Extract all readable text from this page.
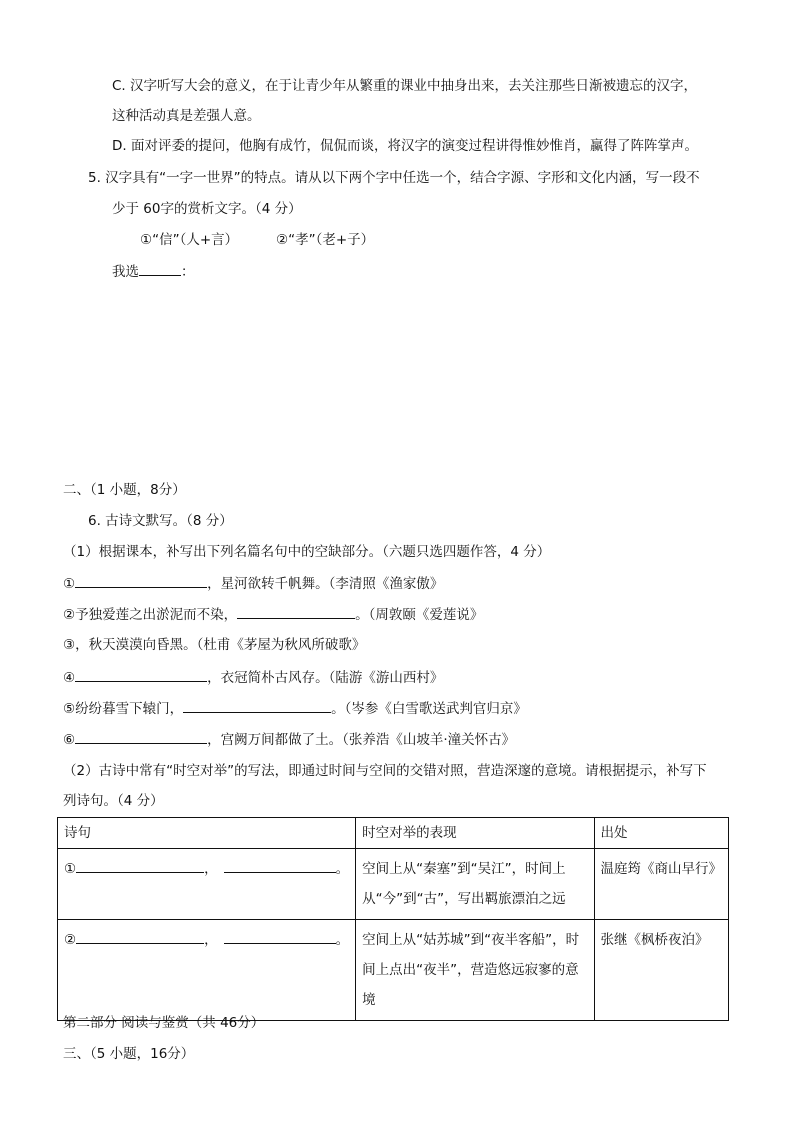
C. 汉字听写大会的意义，在于让青少年从繁重的课业中抽身出来，去关注那些日渐被遗忘的汉字，
这种活动真是差强人意。
D. 面对评委的提问，他胸有成竹，侃侃而谈，将汉字的演变过程讲得惟妙惟肖，赢得了阵阵掌声。
5. 汉字具有“一字一世界”的特点。请从以下两个字中任选一个，结合字源、字形和文化内涵，写一段不
少于 60字的赏析文字。（4 分）
①“信”（人+言）	②“孝”（老+子）
我选	：
二、（1 小题，8分）
6. 古诗文默写。（8 分）
（1）根据课本，补写出下列名篇名句中的空缺部分。（六题只选四题作答，4 分）
①	，星河欲转千帆舞。（李清照《渔家傲》
②予独爱莲之出淤泥而不染，	。（周敦颐《爱莲说》
③，秋天漠漠向昏黑。（杜甫《茅屋为秋风所破歌》
④	，衣冠简朴古风存。（陆游《游山西村》
⑤纷纷暮雪下辕门，	。（岑参《白雪歌送武判官归京》
⑥	，宫阙万间都做了土。（张养浩《山坡羊·潼关怀古》
（2）古诗中常有“时空对举”的写法，即通过时间与空间的交错对照，营造深邃的意境。请根据提示，补写下
列诗句。（4 分）
诗句	时空对举的表现	出处
① ， 。	空间上从“秦塞”到“吴江”，时间上从“今”到“古”，写出羁旅漂泊之远	温庭筠《商山早行》
② ， 。	空间上从“姑苏城”到“夜半客船”，时间上点出“夜半”，营造悠远寂寥的意境	张继《枫桥夜泊》
第二部分 阅读与鉴赏（共 46分）
三、（5 小题，16分）
